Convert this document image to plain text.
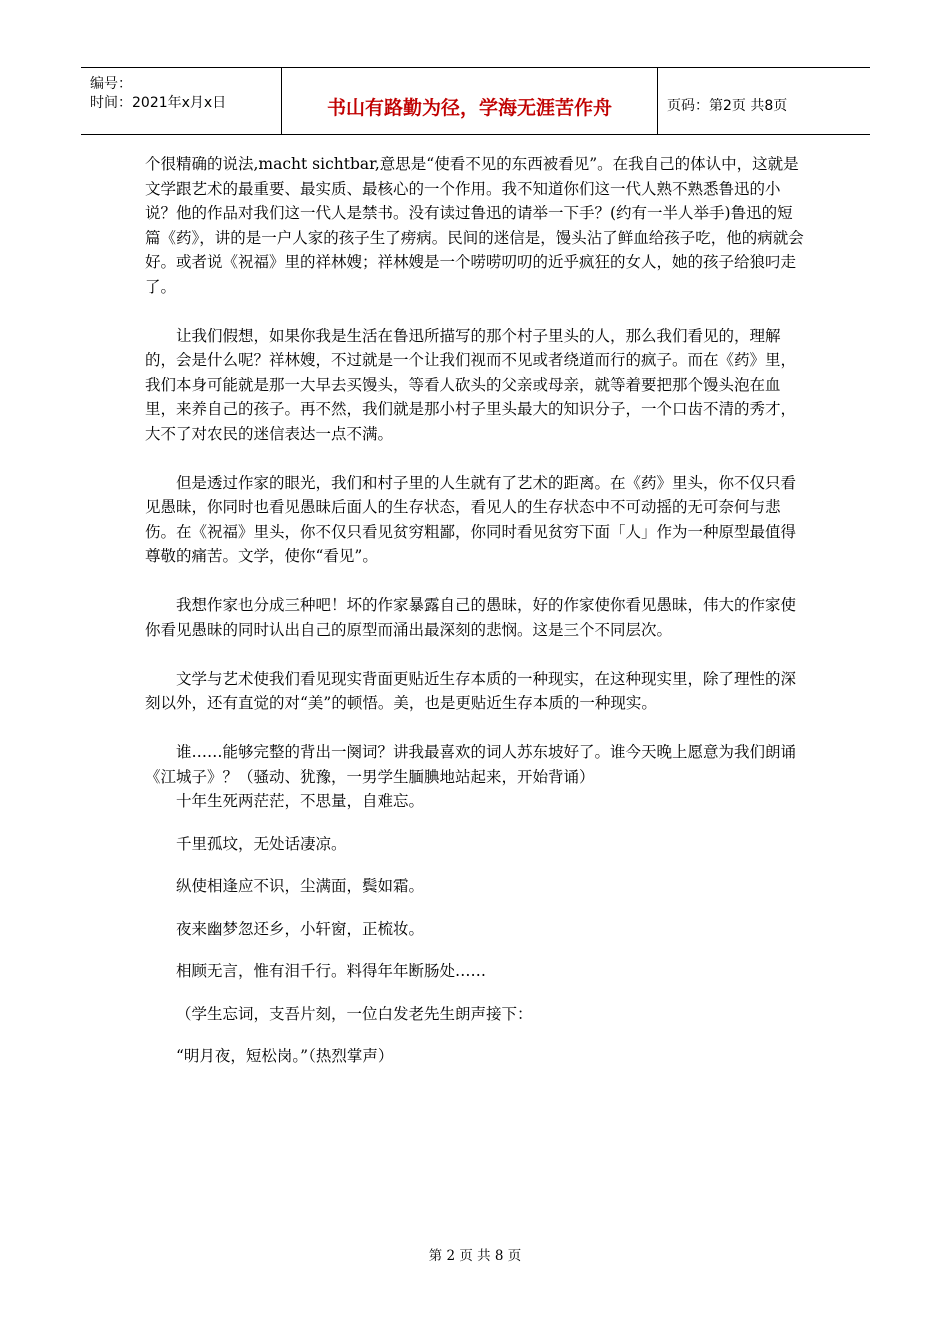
编号：
时间：2021年x月x日	书山有路勤为径，学海无涯苦作舟	页码：第2页 共8页

个很精确的说法,macht sichtbar,意思是“使看不见的东西被看见”。在我自己的体认中，这就是文学跟艺术的最重要、最实质、最核心的一个作用。我不知道你们这一代人熟不熟悉鲁迅的小说？他的作品对我们这一代人是禁书。没有读过鲁迅的请举一下手？(约有一半人举手)鲁迅的短篇《药》，讲的是一户人家的孩子生了痨病。民间的迷信是，馒头沾了鲜血给孩子吃，他的病就会好。或者说《祝福》里的祥林嫂；祥林嫂是一个唠唠叨叨的近乎疯狂的女人，她的孩子给狼叼走了。

让我们假想，如果你我是生活在鲁迅所描写的那个村子里头的人，那么我们看见的，理解的，会是什么呢？祥林嫂，不过就是一个让我们视而不见或者绕道而行的疯子。而在《药》里，我们本身可能就是那一大早去买馒头，等看人砍头的父亲或母亲，就等着要把那个馒头泡在血里，来养自己的孩子。再不然，我们就是那小村子里头最大的知识分子，一个口齿不清的秀才，大不了对农民的迷信表达一点不满。

但是透过作家的眼光，我们和村子里的人生就有了艺术的距离。在《药》里头，你不仅只看见愚昧，你同时也看见愚昧后面人的生存状态，看见人的生存状态中不可动摇的无可奈何与悲伤。在《祝福》里头，你不仅只看见贫穷粗鄙，你同时看见贫穷下面「人」作为一种原型最值得尊敬的痛苦。文学，使你“看见”。

我想作家也分成三种吧！坏的作家暴露自己的愚昧，好的作家使你看见愚昧，伟大的作家使你看见愚昧的同时认出自己的原型而涌出最深刻的悲悯。这是三个不同层次。

文学与艺术使我们看见现实背面更贴近生存本质的一种现实，在这种现实里，除了理性的深刻以外，还有直觉的对“美”的顿悟。美，也是更贴近生存本质的一种现实。

谁……能够完整的背出一阕词？讲我最喜欢的词人苏东坡好了。谁今天晚上愿意为我们朗诵《江城子》？（骚动、犹豫，一男学生腼腆地站起来，开始背诵）

十年生死两茫茫，不思量，自难忘。

千里孤坟，无处话凄凉。

纵使相逢应不识，尘满面，鬓如霜。

夜来幽梦忽还乡，小轩窗，正梳妆。

相顾无言，惟有泪千行。料得年年断肠处……

（学生忘词，支吾片刻，一位白发老先生朗声接下：

“明月夜，短松岗。”（热烈掌声）

第 2 页 共 8 页
